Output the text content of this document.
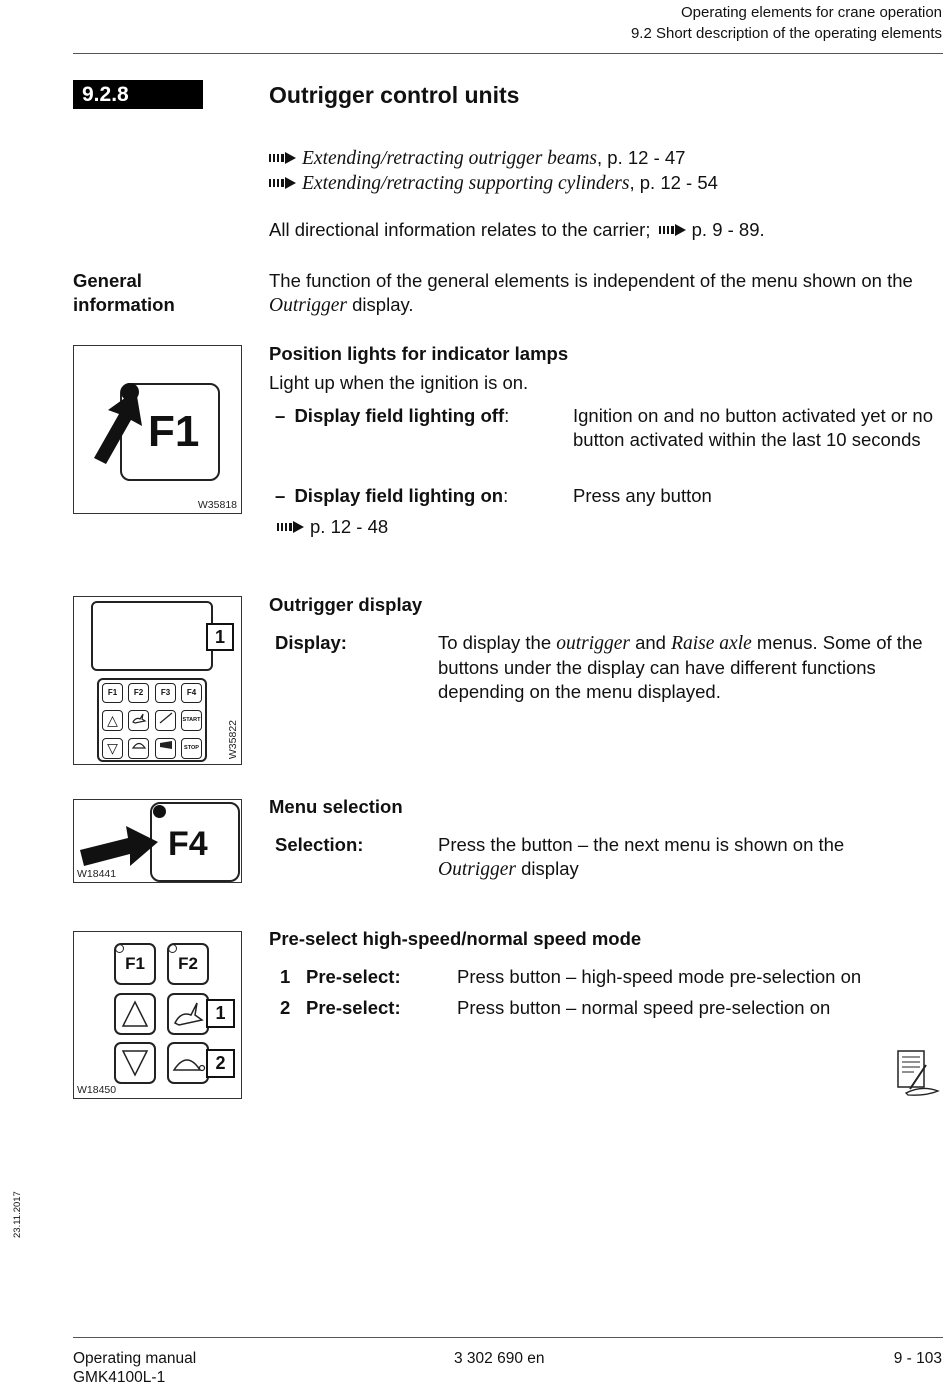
Operating elements for crane operation
9.2 Short description of the operating elements
9.2.8	Outrigger control units
Extending/retracting outrigger beams, p. 12 - 47
Extending/retracting supporting cylinders, p. 12 - 54
All directional information relates to the carrier; p. 9 - 89.
General
information
The function of the general elements is independent of the menu shown on the Outrigger display.
F1
W35818
Position lights for indicator lamps
Light up when the ignition is on.
– Display field lighting off:	Ignition on and no button activated yet or no button activated within the last 10 seconds
– Display field lighting on:	Press any button
p. 12 - 48
1
F1	F2	F3	F4
△	START
▽	STOP	W35822
Outrigger display
Display:	To display the outrigger and Raise axle menus. Some of the buttons under the display can have different functions depending on the menu displayed.
F4
W18441
Menu selection
Selection:	Press the button – the next menu is shown on the
Outrigger display
F1	F2
1
2
W18450
Pre-select high-speed/normal speed mode
1 Pre-select:	Press button – high-speed mode pre-selection on
2 Pre-select:	Press button – normal speed pre-selection on
23.11.2017
Operating manual
GMK4100L-1
3 302 690 en	9 - 103
